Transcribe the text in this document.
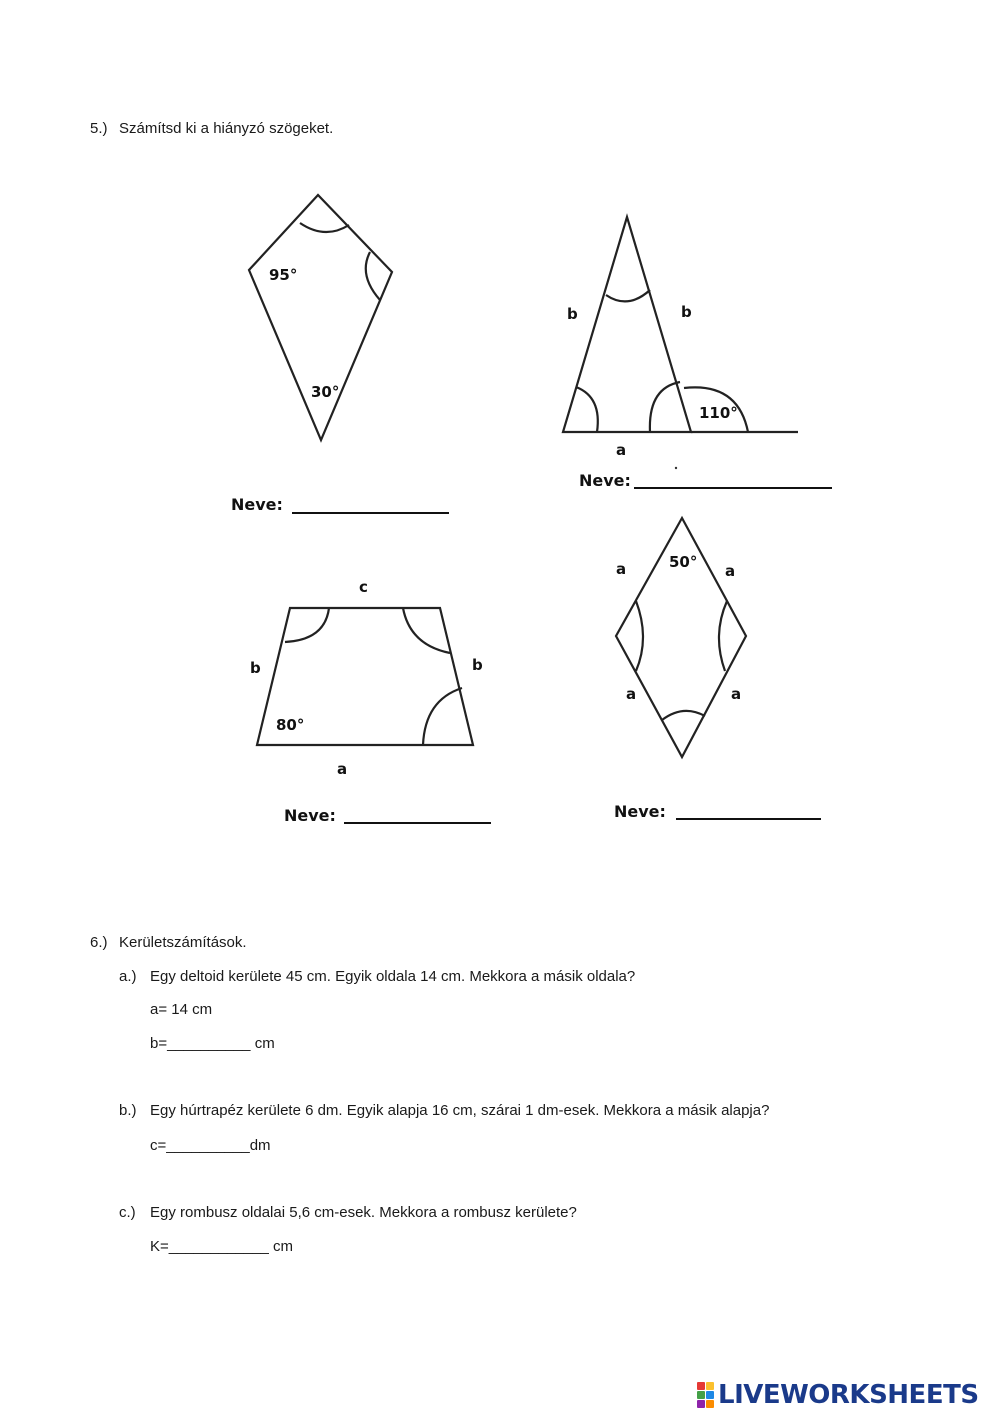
5.) Számítsd ki a hiányzó szögeket.
95°
30°
Neve:
b	b
a
110°
Neve:
c
b	b
a
80°
Neve:
a	a
a	a
50°
Neve:
6.) Kerületszámítások.
a.) Egy deltoid kerülete 45 cm. Egyik oldala 14 cm. Mekkora a másik oldala?
a= 14 cm
b=__________ cm
b.) Egy húrtrapéz kerülete 6 dm. Egyik alapja 16 cm, szárai 1 dm-esek. Mekkora a másik alapja?
c=__________dm
c.) Egy rombusz oldalai 5,6 cm-esek. Mekkora a rombusz kerülete?
K=____________ cm
LIVEWORKSHEETS
